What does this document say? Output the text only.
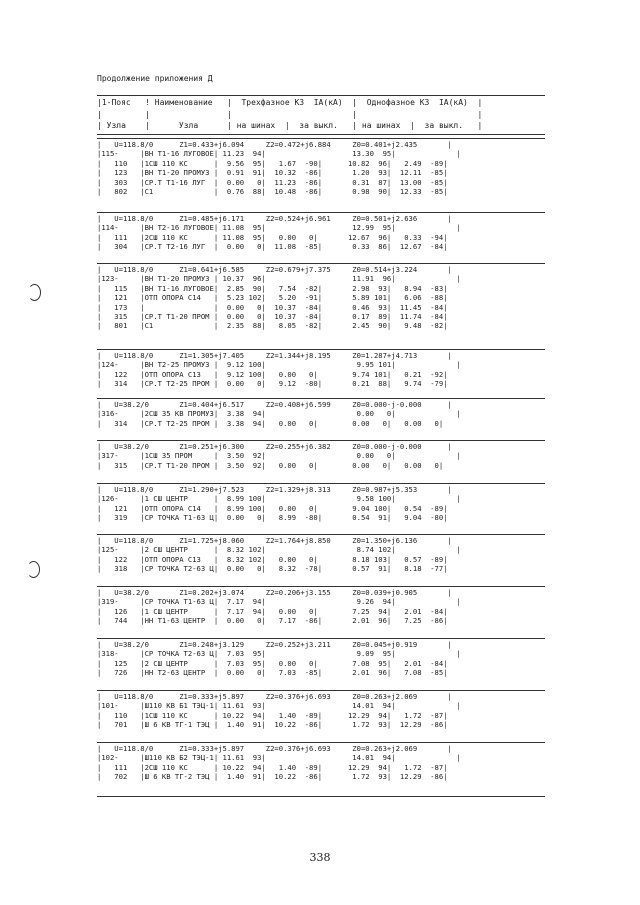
Продолжение приложения Д
|1-Пояс   ! Наименование   |  Трехфазное КЗ  IA(кА)  |  Однофазное КЗ  IA(кА)  |
|         |                |                         |                         |
| Узла    |      Узла      | на шинах  |  за выкл.   | на шинах  |  за выкл.   |
|   U=118.8/0      Z1=0.433+j6.094     Z2=0.472+j6.884     Z0=0.401+j2.435       |
|115-     |ВН Т1-16 ЛУГОВОЕ| 11.23  94|                    13.30  95|              |
|   110   |1СШ 110 КС      |  9.56  95|   1.67  -90|      10.82  96|   2.49  -89|
|   123   |ВН Т1-20 ПРОМУЗ |  0.91  91|  10.32  -86|       1.20  93|  12.11  -85|
|   303   |СР.Т Т1-16 ЛУГ  |  0.00   0|  11.23  -86|       0.31  87|  13.00  -85|
|   802   |С1              |  0.76  88|  10.48  -86|       0.98  90|  12.33  -85|
|   U=118.8/0      Z1=0.485+j6.171     Z2=0.524+j6.961     Z0=0.501+j2.636       |
|114-     |ВН Т2-16 ЛУГОВОЕ| 11.08  95|                    12.99  95|              |
|   111   |2СШ 110 КС      | 11.08  95|   0.00   0|       12.67  96|   0.33  -94|
|   304   |СР.Т Т2-16 ЛУГ  |  0.00   0|  11.08  -85|       0.33  86|  12.67  -84|
|   U=118.8/0      Z1=0.641+j6.585     Z2=0.679+j7.375     Z0=0.514+j3.224       |
|123-     |ВН Т1-20 ПРОМУЗ | 10.37  96|                    11.91  96|              |
|   115   |ВН Т1-16 ЛУГОВОЕ|  2.85  90|   7.54  -82|       2.98  93|   8.94  -83|
|   121   |ОТП ОПОРА С14   |  5.23 102|   5.20  -91|       5.89 101|   6.06  -88|
|   173   |                |  0.00   0|  10.37  -84|       0.46  93|  11.45  -84|
|   315   |СР.Т Т1-20 ПРОМ |  0.00   0|  10.37  -84|       0.17  89|  11.74  -84|
|   801   |С1              |  2.35  88|   8.05  -82|       2.45  90|   9.48  -82|
|   U=118.8/0      Z1=1.305+j7.405     Z2=1.344+j8.195     Z0=1.287+j4.713       |
|124-     |ВН Т2-25 ПРОМУЗ |  9.12 100|                     9.95 101|              |
|   122   |ОТП ОПОРА С13   |  9.12 100|   0.00   0|        9.74 101|   0.21  -92|
|   314   |СР.Т Т2-25 ПРОМ |  0.00   0|   9.12  -80|       0.21  88|   9.74  -79|
|   U=38.2/0       Z1=0.404+j6.517     Z2=0.408+j6.599     Z0=0.000-j-0.000      |
|316-     |2СШ 35 КВ ПРОМУЗ|  3.38  94|                     0.00   0|              |
|   314   |СР.Т Т2-25 ПРОМ |  3.38  94|   0.00   0|        0.00   0|   0.00   0|
|   U=38.2/0       Z1=0.251+j6.300     Z2=0.255+j6.382     Z0=0.000-j-0.000      |
|317-     |1СШ 35 ПРОМ     |  3.50  92|                     0.00   0|              |
|   315   |СР.Т Т1-20 ПРОМ |  3.50  92|   0.00   0|        0.00   0|   0.00   0|
|   U=118.8/0      Z1=1.290+j7.523     Z2=1.329+j8.313     Z0=0.987+j5.353       |
|126-     |1 СШ ЦЕНТР      |  8.99 100|                     9.58 100|              |
|   121   |ОТП ОПОРА С14   |  8.99 100|   0.00   0|        9.04 100|   0.54  -89|
|   319   |СР ТОЧКА Т1-63 Ц|  0.00   0|   8.99  -80|       0.54  91|   9.04  -80|
|   U=118.8/0      Z1=1.725+j8.060     Z2=1.764+j8.850     Z0=1.350+j6.136       |
|125-     |2 СШ ЦЕНТР      |  8.32 102|                     8.74 102|              |
|   122   |ОТП ОПОРА С13   |  8.32 102|   0.00   0|        8.18 103|   0.57  -89|
|   318   |СР ТОЧКА Т2-63 Ц|  0.00   0|   8.32  -78|       0.57  91|   8.18  -77|
|   U=38.2/0       Z1=0.202+j3.074     Z2=0.206+j3.155     Z0=0.039+j0.905       |
|319-     |СР ТОЧКА Т1-63 Ц|  7.17  94|                     9.26  94|              |
|   126   |1 СШ ЦЕНТР      |  7.17  94|   0.00   0|        7.25  94|   2.01  -84|
|   744   |НН Т1-63 ЦЕНТР  |  0.00   0|   7.17  -86|       2.01  96|   7.25  -86|
|   U=38.2/0       Z1=0.248+j3.129     Z2=0.252+j3.211     Z0=0.045+j0.919       |
|318-     |СР ТОЧКА Т2-63 Ц|  7.03  95|                     9.09  95|              |
|   125   |2 СШ ЦЕНТР      |  7.03  95|   0.00   0|        7.08  95|   2.01  -84|
|   726   |НН Т2-63 ЦЕНТР  |  0.00   0|   7.03  -85|       2.01  96|   7.08  -85|
|   U=118.8/0      Z1=0.333+j5.897     Z2=0.376+j6.693     Z0=0.263+j2.069       |
|101-     |Ш110 КВ Б1 ТЭЦ-1| 11.61  93|                    14.01  94|              |
|   110   |1СШ 110 КС      | 10.22  94|   1.40  -89|      12.29  94|   1.72  -87|
|   701   |Ш 6 КВ ТГ-1 ТЭЦ |  1.40  91|  10.22  -86|       1.72  93|  12.29  -86|
|   U=118.8/0      Z1=0.333+j5.897     Z2=0.376+j6.693     Z0=0.263+j2.069       |
|102-     |Ш110 КВ Б2 ТЭЦ-1| 11.61  93|                    14.01  94|              |
|   111   |2СШ 110 КС      | 10.22  94|   1.40  -89|      12.29  94|   1.72  -87|
|   702   |Ш 6 КВ ТГ-2 ТЭЦ |  1.40  91|  10.22  -86|       1.72  93|  12.29  -86|
338
